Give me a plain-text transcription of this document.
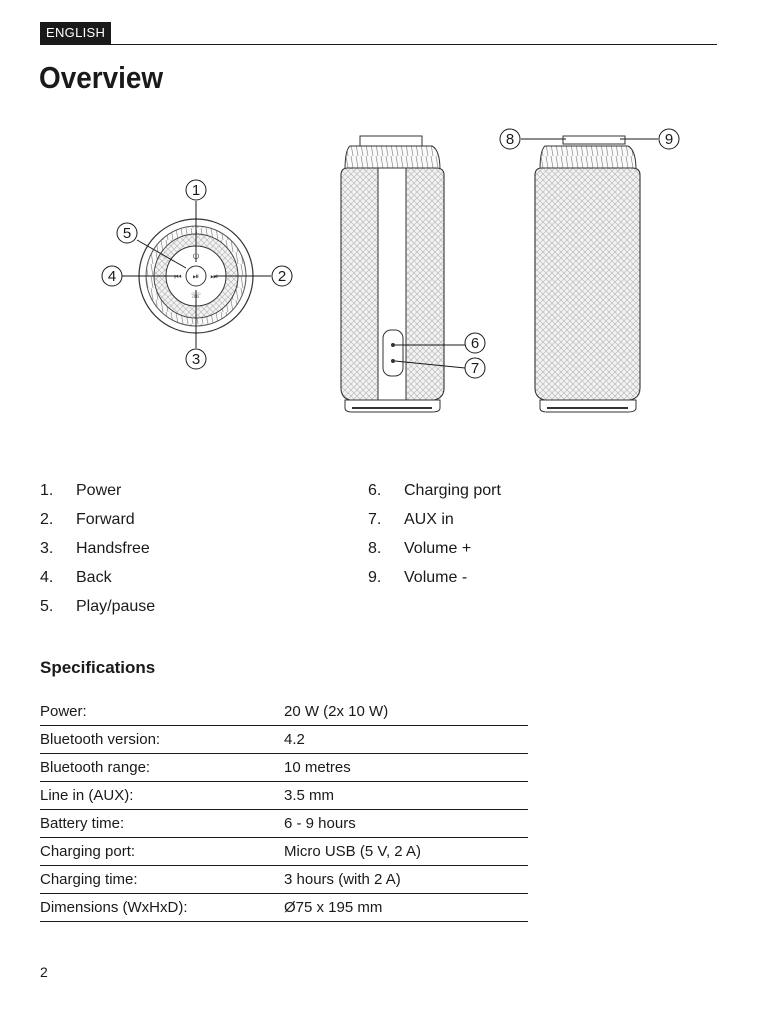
ENGLISH
Overview
⏯
⏻
⏭
⏮
☏
1
2
3
4
5
6
7
8	9
1.	Power
2.	Forward
3.	Handsfree
4.	Back
5.	Play/pause
6.	Charging port
7.	AUX in
8.	Volume +
9.	Volume -
Specifications
Power:	20 W (2x 10 W)
Bluetooth version:	4.2
Bluetooth range:	10 metres
Line in (AUX):	3.5 mm
Battery time:	6 - 9 hours
Charging port:	Micro USB (5 V, 2 A)
Charging time:	3 hours (with 2 A)
Dimensions (WxHxD):	Ø75 x 195 mm
2
